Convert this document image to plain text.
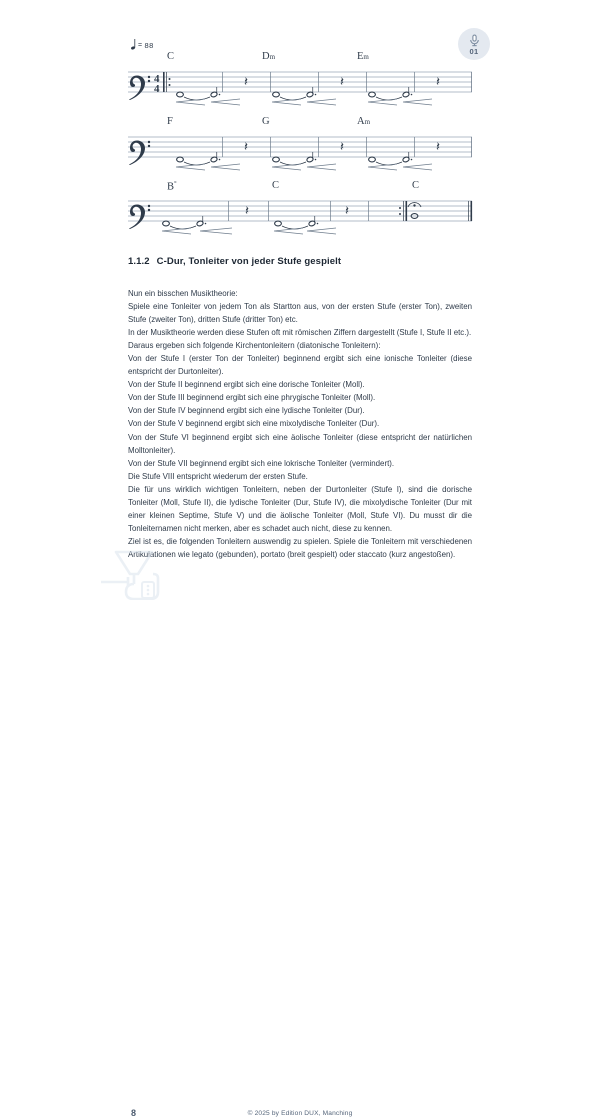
= 88
01
C	Dm	Em
4
4	𝄽	𝄽	𝄽
F	G	Am
𝄽	𝄽	𝄽
B°	C	C
𝄽	𝄽
1.1.2 C-Dur, Tonleiter von jeder Stufe gespielt

Nun ein bisschen Musiktheorie:

Spiele eine Tonleiter von jedem Ton als Startton aus, von der ersten Stufe (erster Ton), zweiten Stufe (zweiter Ton), dritten Stufe (dritter Ton) etc.

In der Musiktheorie werden diese Stufen oft mit römischen Ziffern dargestellt (Stufe I, Stufe II etc.).

Daraus ergeben sich folgende Kirchentonleitern (diatonische Tonleitern):

Von der Stufe I (erster Ton der Tonleiter) beginnend ergibt sich eine ionische Tonleiter (diese entspricht der Durtonleiter).

Von der Stufe II beginnend ergibt sich eine dorische Tonleiter (Moll).

Von der Stufe III beginnend ergibt sich eine phrygische Tonleiter (Moll).

Von der Stufe IV beginnend ergibt sich eine lydische Tonleiter (Dur).

Von der Stufe V beginnend ergibt sich eine mixolydische Tonleiter (Dur).

Von der Stufe VI beginnend ergibt sich eine äolische Tonleiter (diese entspricht der natürlichen Molltonleiter).

Von der Stufe VII beginnend ergibt sich eine lokrische Tonleiter (vermindert).

Die Stufe VIII entspricht wiederum der ersten Stufe.

Die für uns wirklich wichtigen Tonleitern, neben der Durtonleiter (Stufe I), sind die dorische Tonleiter (Moll, Stufe II), die lydische Tonleiter (Dur, Stufe IV), die mixolydische Tonleiter (Dur mit einer kleinen Septime, Stufe V) und die äolische Tonleiter (Moll, Stufe VI). Du musst dir die Tonleiternamen nicht merken, aber es schadet auch nicht, diese zu kennen.

Ziel ist es, die folgenden Tonleitern auswendig zu spielen. Spiele die Tonleitern mit verschiedenen Artikulationen wie legato (gebunden), portato (breit gespielt) oder staccato (kurz angestoßen).

8	© 2025 by Edition DUX, Manching
